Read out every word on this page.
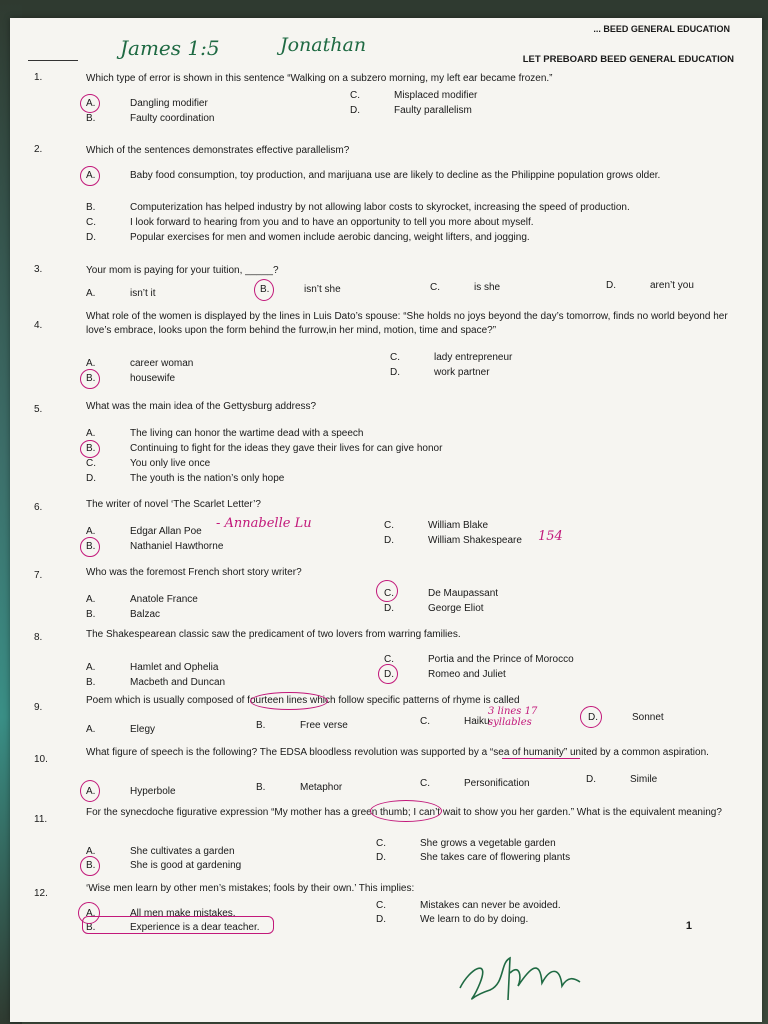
... BEED GENERAL EDUCATION
James 1:5	Jonathan
LET PREBOARD BEED GENERAL EDUCATION
1.	Which type of error is shown in this sentence “Walking on a subzero morning, my left ear became frozen.”
A.	Dangling modifier
C.	Misplaced modifier
B.	Faulty coordination
D.	Faulty parallelism
2.	Which of the sentences demonstrates effective parallelism?
A.	Baby food consumption, toy production, and marijuana use are likely to decline as the Philippine population grows older.
B.	Computerization has helped industry by not allowing labor costs to skyrocket, increasing the speed of production.
C.	I look forward to hearing from you and to have an opportunity to tell you more about myself.
D.	Popular exercises for men and women include aerobic dancing, weight lifters, and jogging.
3.	Your mom is paying for your tuition, _____?
A.	isn’t it	B.	isn’t she	C.	is she	D.	aren’t you
4.
What role of the women is displayed by the lines in Luis Dato’s spouse: “She holds no joys beyond the day’s tomorrow, finds no world beyond her love’s embrace, looks upon the form behind the furrow,in her mind, motion, time and space?”
A.	career woman
C.	lady entrepreneur
B.	housewife
D.	work partner
5.	What was the main idea of the Gettysburg address?
A.	The living can honor the wartime dead with a speech
B.	Continuing to fight for the ideas they gave their lives for can give honor
C.	You only live once
D.	The youth is the nation’s only hope
6.	The writer of novel ‘The Scarlet Letter’?
A.	Edgar Allan Poe
C.	William Blake
B.	Nathaniel Hawthorne
D.	William Shakespeare
- Annabelle Lu
154
7.	Who was the foremost French short story writer?
A.	Anatole France
C.	De Maupassant
B.	Balzac
D.	George Eliot
8.	The Shakespearean classic saw the predicament of two lovers from warring families.
A.	Hamlet and Ophelia
C.	Portia and the Prince of Morocco
B.	Macbeth and Duncan
D.	Romeo and Juliet
9.
Poem which is usually composed of fourteen lines which follow specific patterns of rhyme is called
A.	Elegy	B.	Free verse	C.	Haiku	D.	Sonnet
3 lines 17 syllables
10.
What figure of speech is the following? The EDSA bloodless revolution was supported by a “sea of humanity” united by a common aspiration.
A.	Hyperbole	B.	Metaphor	C.	Personification	D.	Simile
11.
For the synecdoche figurative expression “My mother has a green thumb; I can’t wait to show you her garden.” What is the equivalent meaning?
A.	She cultivates a garden
C.	She grows a vegetable garden
B.	She is good at gardening
D.	She takes care of flowering plants
12.	‘Wise men learn by other men’s mistakes; fools by their own.’ This implies:
A.	All men make mistakes.
C.	Mistakes can never be avoided.
B.	Experience is a dear teacher.
D.	We learn to do by doing.
1
